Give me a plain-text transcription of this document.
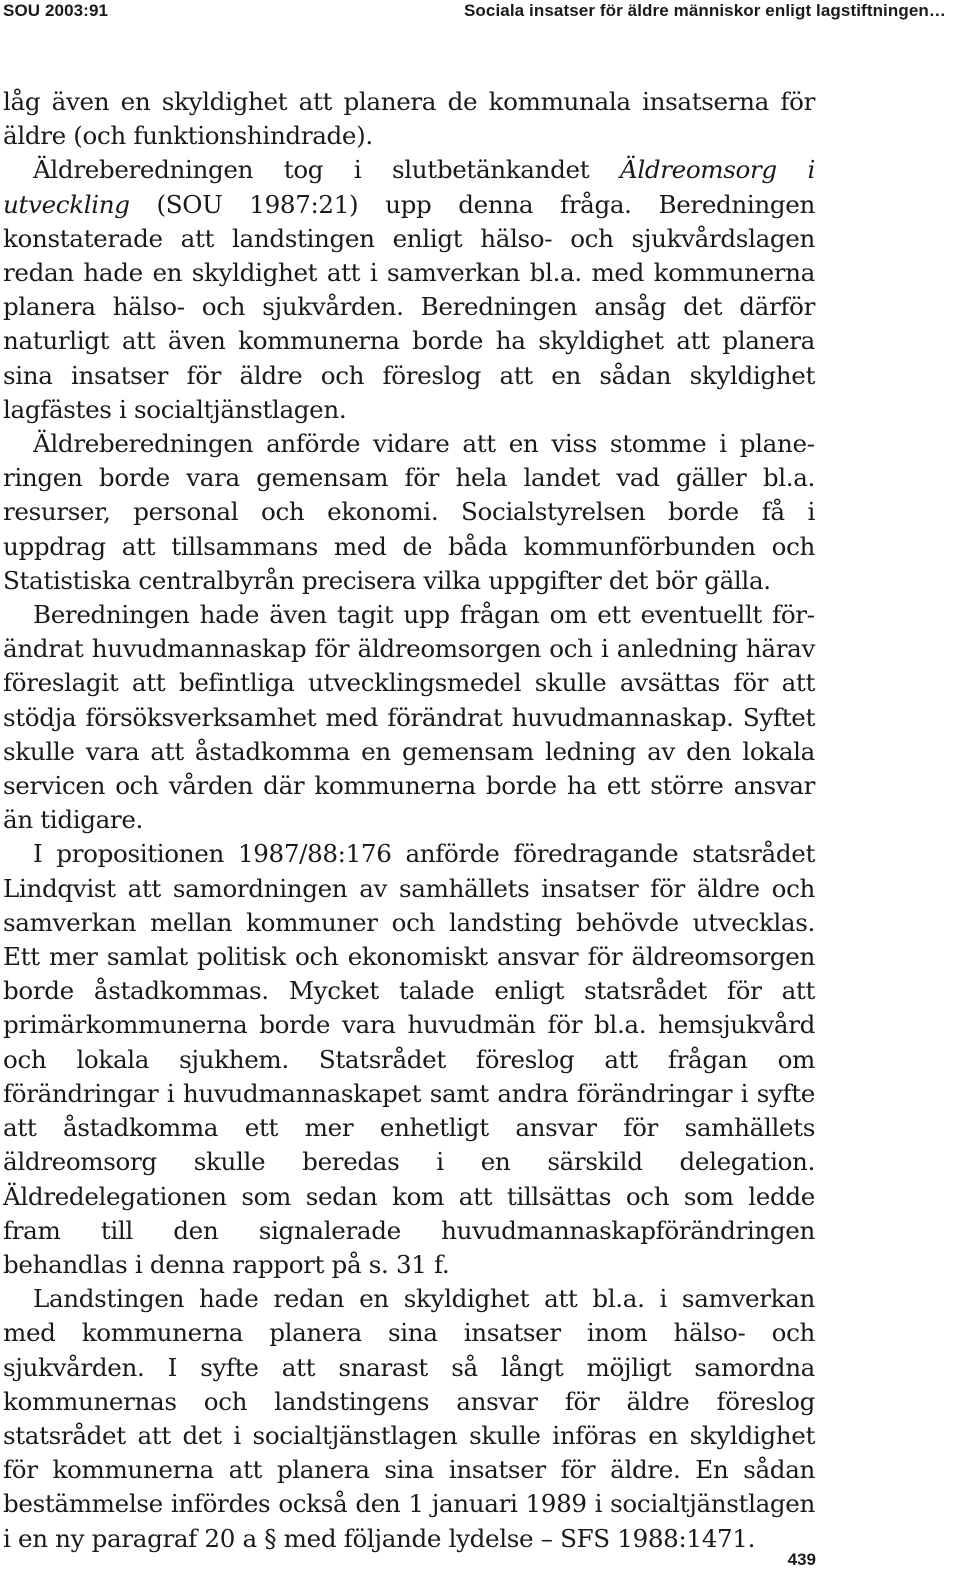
SOU 2003:91	Sociala insatser för äldre människor enligt lagstiftningen…

låg även en skyldighet att planera de kommunala insatserna för äldre (och funktionshindrade).

Äldreberedningen tog i slutbetänkandet Äldreomsorg i utveckling (SOU 1987:21) upp denna fråga. Beredningen konstaterade att landstingen enligt hälso- och sjukvårdslagen redan hade en skyldighet att i samverkan bl.a. med kommunerna planera hälso- och sjukvården. Beredningen ansåg det därför naturligt att även kommunerna borde ha skyldighet att planera sina insatser för äldre och föreslog att en sådan skyldighet lagfästes i socialtjänstlagen.

Äldreberedningen anförde vidare att en viss stomme i planeringen borde vara gemensam för hela landet vad gäller bl.a. resurser, personal och ekonomi. Socialstyrelsen borde få i uppdrag att tillsammans med de båda kommunförbunden och Statistiska centralbyrån precisera vilka uppgifter det bör gälla.

Beredningen hade även tagit upp frågan om ett eventuellt förändrat huvudmannaskap för äldreomsorgen och i anledning härav föreslagit att befintliga utvecklingsmedel skulle avsättas för att stödja försöksverksamhet med förändrat huvudmannaskap. Syftet skulle vara att åstadkomma en gemensam ledning av den lokala servicen och vården där kommunerna borde ha ett större ansvar än tidigare.

I propositionen 1987/88:176 anförde föredragande statsrådet Lindqvist att samordningen av samhällets insatser för äldre och samverkan mellan kommuner och landsting behövde utvecklas. Ett mer samlat politisk och ekonomiskt ansvar för äldreomsorgen borde åstadkommas. Mycket talade enligt statsrådet för att primärkommunerna borde vara huvudmän för bl.a. hemsjukvård och lokala sjukhem. Statsrådet föreslog att frågan om förändringar i huvudmannaskapet samt andra förändringar i syfte att åstadkomma ett mer enhetligt ansvar för samhällets äldreomsorg skulle beredas i en särskild delegation. Äldredelegationen som sedan kom att tillsättas och som ledde fram till den signalerade huvudmannaskapförändringen behandlas i denna rapport på s. 31 f.

Landstingen hade redan en skyldighet att bl.a. i samverkan med kommunerna planera sina insatser inom hälso- och sjukvården. I syfte att snarast så långt möjligt samordna kommunernas och landstingens ansvar för äldre föreslog statsrådet att det i socialtjänstlagen skulle införas en skyldighet för kommunerna att planera sina insatser för äldre. En sådan bestämmelse infördes också den 1 januari 1989 i socialtjänstlagen i en ny paragraf 20 a § med följande lydelse – SFS 1988:1471.

439
